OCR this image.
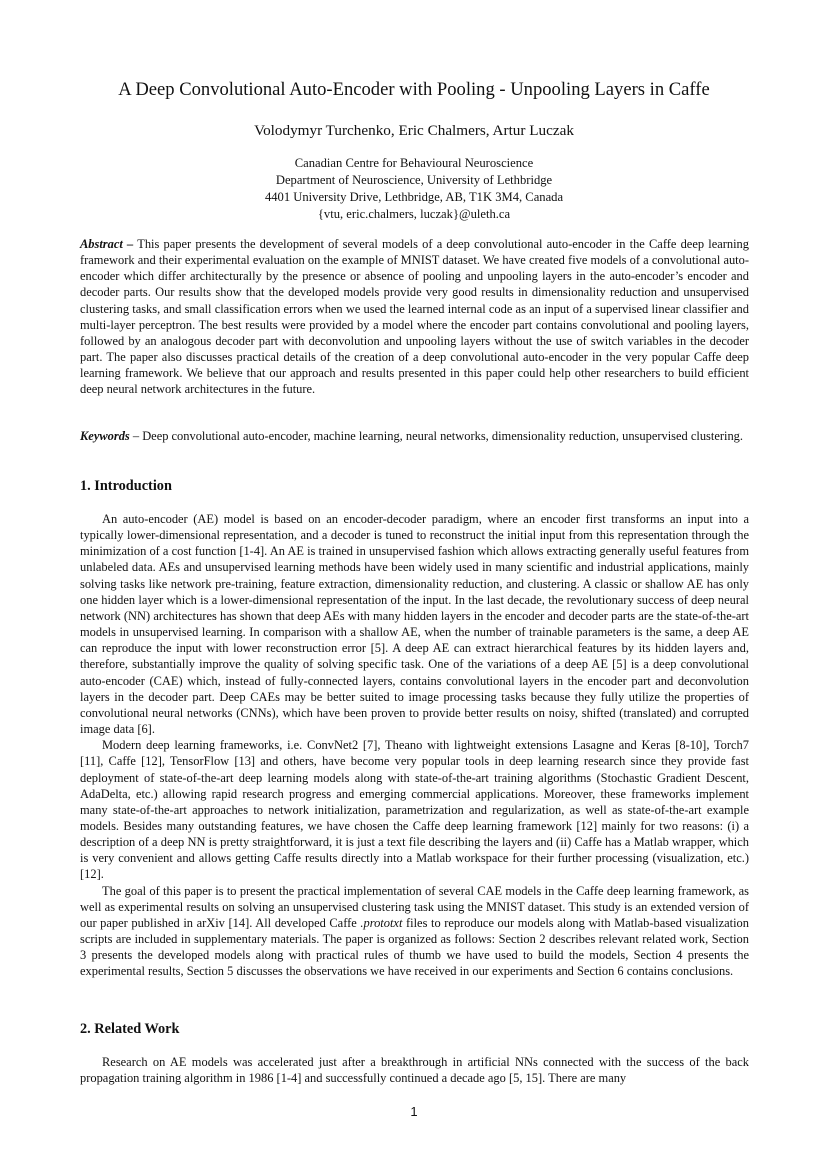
A Deep Convolutional Auto-Encoder with Pooling - Unpooling Layers in Caffe
Volodymyr Turchenko, Eric Chalmers, Artur Luczak
Canadian Centre for Behavioural Neuroscience
Department of Neuroscience, University of Lethbridge
4401 University Drive, Lethbridge, AB, T1K 3M4, Canada
{vtu, eric.chalmers, luczak}@uleth.ca

Abstract – This paper presents the development of several models of a deep convolutional auto-encoder in the Caffe deep learning framework and their experimental evaluation on the example of MNIST dataset. We have created five models of a convolutional auto-encoder which differ architecturally by the presence or absence of pooling and unpooling layers in the auto-encoder’s encoder and decoder parts. Our results show that the developed models provide very good results in dimensionality reduction and unsupervised clustering tasks, and small classification errors when we used the learned internal code as an input of a supervised linear classifier and multi-layer perceptron. The best results were provided by a model where the encoder part contains convolutional and pooling layers, followed by an analogous decoder part with deconvolution and unpooling layers without the use of switch variables in the decoder part. The paper also discusses practical details of the creation of a deep convolutional auto-encoder in the very popular Caffe deep learning framework. We believe that our approach and results presented in this paper could help other researchers to build efficient deep neural network architectures in the future.

Keywords – Deep convolutional auto-encoder, machine learning, neural networks, dimensionality reduction, unsupervised clustering.

1. Introduction

An auto-encoder (AE) model is based on an encoder-decoder paradigm, where an encoder first transforms an input into a typically lower-dimensional representation, and a decoder is tuned to reconstruct the initial input from this representation through the minimization of a cost function [1-4]. An AE is trained in unsupervised fashion which allows extracting generally useful features from unlabeled data. AEs and unsupervised learning methods have been widely used in many scientific and industrial applications, mainly solving tasks like network pre-training, feature extraction, dimensionality reduction, and clustering. A classic or shallow AE has only one hidden layer which is a lower-dimensional representation of the input. In the last decade, the revolutionary success of deep neural network (NN) architectures has shown that deep AEs with many hidden layers in the encoder and decoder parts are the state-of-the-art models in unsupervised learning. In comparison with a shallow AE, when the number of trainable parameters is the same, a deep AE can reproduce the input with lower reconstruction error [5]. A deep AE can extract hierarchical features by its hidden layers and, therefore, substantially improve the quality of solving specific task. One of the variations of a deep AE [5] is a deep convolutional auto-encoder (CAE) which, instead of fully-connected layers, contains convolutional layers in the encoder part and deconvolution layers in the decoder part. Deep CAEs may be better suited to image processing tasks because they fully utilize the properties of convolutional neural networks (CNNs), which have been proven to provide better results on noisy, shifted (translated) and corrupted image data [6].

Modern deep learning frameworks, i.e. ConvNet2 [7], Theano with lightweight extensions Lasagne and Keras [8-10], Torch7 [11], Caffe [12], TensorFlow [13] and others, have become very popular tools in deep learning research since they provide fast deployment of state-of-the-art deep learning models along with state-of-the-art training algorithms (Stochastic Gradient Descent, AdaDelta, etc.) allowing rapid research progress and emerging commercial applications. Moreover, these frameworks implement many state-of-the-art approaches to network initialization, parametrization and regularization, as well as state-of-the-art example models. Besides many outstanding features, we have chosen the Caffe deep learning framework [12] mainly for two reasons: (i) a description of a deep NN is pretty straightforward, it is just a text file describing the layers and (ii) Caffe has a Matlab wrapper, which is very convenient and allows getting Caffe results directly into a Matlab workspace for their further processing (visualization, etc.) [12].

The goal of this paper is to present the practical implementation of several CAE models in the Caffe deep learning framework, as well as experimental results on solving an unsupervised clustering task using the MNIST dataset. This study is an extended version of our paper published in arXiv [14]. All developed Caffe .prototxt files to reproduce our models along with Matlab-based visualization scripts are included in supplementary materials. The paper is organized as follows: Section 2 describes relevant related work, Section 3 presents the developed models along with practical rules of thumb we have used to build the models, Section 4 presents the experimental results, Section 5 discusses the observations we have received in our experiments and Section 6 contains conclusions.

2. Related Work

Research on AE models was accelerated just after a breakthrough in artificial NNs connected with the success of the back propagation training algorithm in 1986 [1-4] and successfully continued a decade ago [5, 15]. There are many

1
